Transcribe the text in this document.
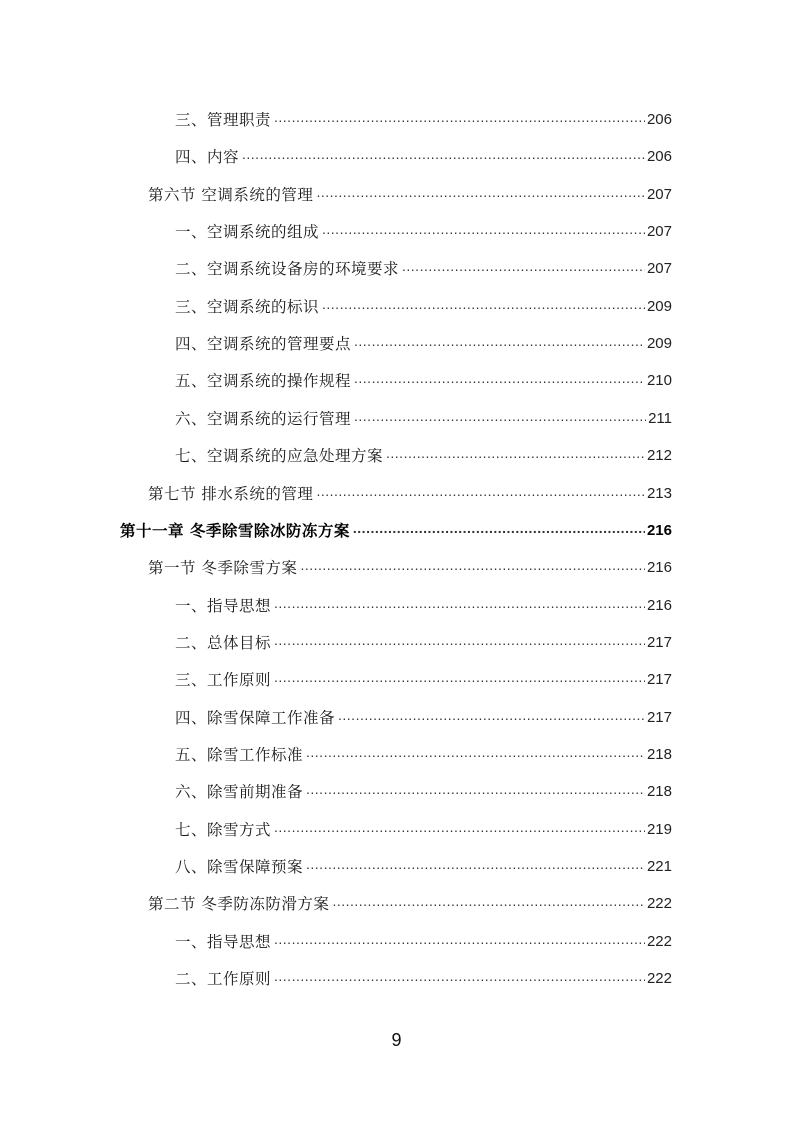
三、管理职责 .....	206
四、内容 .....	206
第六节 空调系统的管理 .....	207
一、空调系统的组成 .....	207
二、空调系统设备房的环境要求 .....	207
三、空调系统的标识 .....	209
四、空调系统的管理要点 .....	209
五、空调系统的操作规程 .....	210
六、空调系统的运行管理 .....	211
七、空调系统的应急处理方案 .....	212
第七节 排水系统的管理 .....	213
第十一章 冬季除雪除冰防冻方案 .....	216
第一节 冬季除雪方案 .....	216
一、指导思想 .....	216
二、总体目标 .....	217
三、工作原则 .....	217
四、除雪保障工作准备 .....	217
五、除雪工作标准 .....	218
六、除雪前期准备 .....	218
七、除雪方式 .....	219
八、除雪保障预案 .....	221
第二节 冬季防冻防滑方案 .....	222
一、指导思想 .....	222
二、工作原则 .....	222
9
